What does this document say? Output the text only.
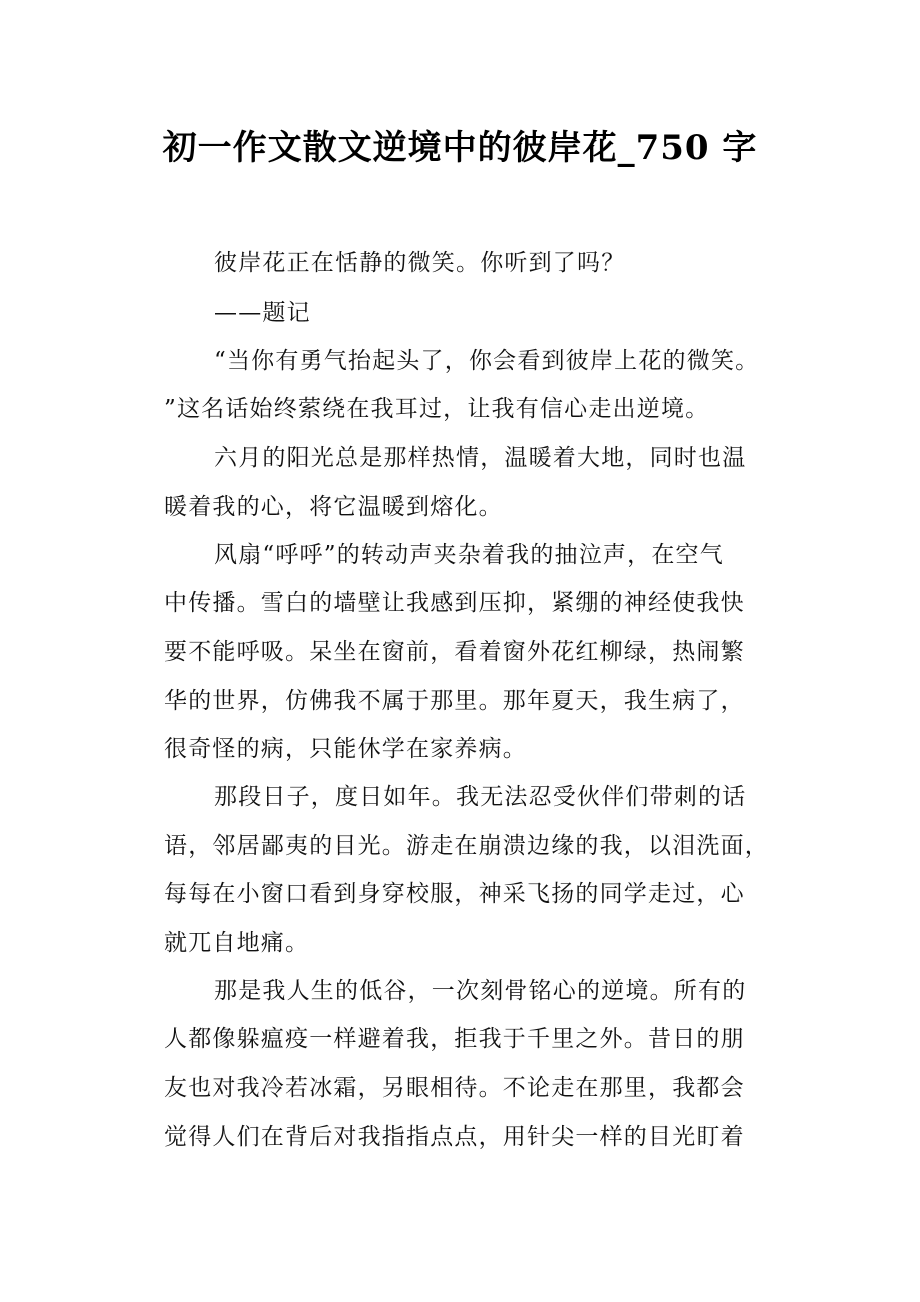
初一作文散文逆境中的彼岸花_750 字
彼岸花正在恬静的微笑。你听到了吗？
——题记
“当你有勇气抬起头了，你会看到彼岸上花的微笑。
”这名话始终萦绕在我耳过，让我有信心走出逆境。
六月的阳光总是那样热情，温暖着大地，同时也温
暖着我的心，将它温暖到熔化。
风扇“呼呼”的转动声夹杂着我的抽泣声，在空气
中传播。雪白的墙壁让我感到压抑，紧绷的神经使我快
要不能呼吸。呆坐在窗前，看着窗外花红柳绿，热闹繁
华的世界，仿佛我不属于那里。那年夏天，我生病了，
很奇怪的病，只能休学在家养病。
那段日子，度日如年。我无法忍受伙伴们带刺的话
语，邻居鄙夷的目光。游走在崩溃边缘的我，以泪洗面，
每每在小窗口看到身穿校服，神采飞扬的同学走过，心
就兀自地痛。
那是我人生的低谷，一次刻骨铭心的逆境。所有的
人都像躲瘟疫一样避着我，拒我于千里之外。昔日的朋
友也对我冷若冰霜，另眼相待。不论走在那里，我都会
觉得人们在背后对我指指点点，用针尖一样的目光盯着
